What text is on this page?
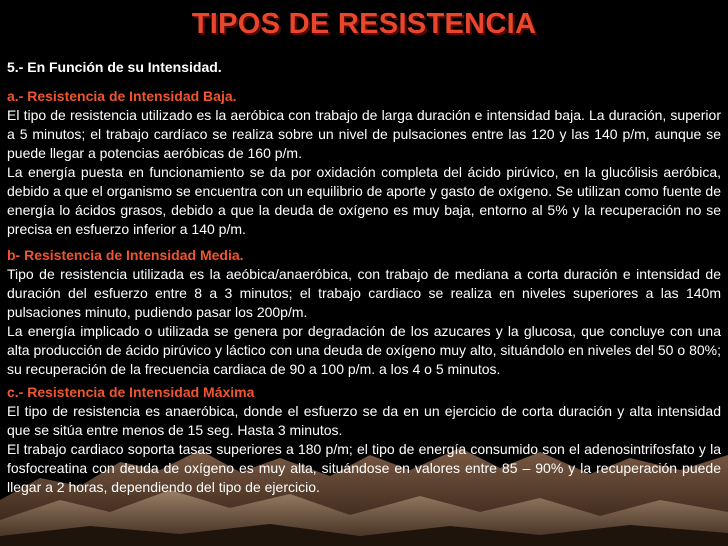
TIPOS DE RESISTENCIA
5.- En Función de su Intensidad.
a.- Resistencia de Intensidad Baja.

El tipo de resistencia utilizado es la aeróbica con trabajo de larga duración e intensidad baja. La duración, superior a 5 minutos; el trabajo cardíaco se realiza sobre un nivel de pulsaciones entre las 120 y las 140 p/m, aunque se puede llegar a potencias aeróbicas de 160 p/m.

La energía puesta en funcionamiento se da por oxidación completa del ácido pirúvico, en la glucólisis aeróbica, debido a que el organismo se encuentra con un equilibrio de aporte y gasto de oxígeno. Se utilizan como fuente de energía lo ácidos grasos, debido a que la deuda de oxígeno es muy baja, entorno al 5% y la recuperación no se precisa en esfuerzo inferior a 140 p/m.

b- Resistencia de Intensidad Media.

Tipo de resistencia utilizada es la aeóbica/anaeróbica, con trabajo de mediana a corta duración e intensidad de duración del esfuerzo entre 8 a 3 minutos; el trabajo cardiaco se realiza en niveles superiores a las 140m pulsaciones minuto, pudiendo pasar los 200p/m.

La energía implicado o utilizada se genera por degradación de los azucares y la glucosa, que concluye con una alta producción de ácido pirúvico y láctico con una deuda de oxígeno muy alto, situándolo en niveles del 50 o 80%; su recuperación de la frecuencia cardiaca de 90 a 100 p/m. a los 4 o 5 minutos.

c.- Resistencia de Intensidad Máxima

El tipo de resistencia es anaeróbica, donde el esfuerzo se da en un ejercicio de corta duración y alta intensidad que se sitúa entre menos de 15 seg. Hasta 3 minutos.

El trabajo cardiaco soporta tasas superiores a 180 p/m; el tipo de energía consumido son el adenosintrifosfato y la fosfocreatina con deuda de oxígeno es muy alta, situándose en valores entre 85 – 90% y la recuperación puede llegar a 2 horas, dependiendo del tipo de ejercicio.
